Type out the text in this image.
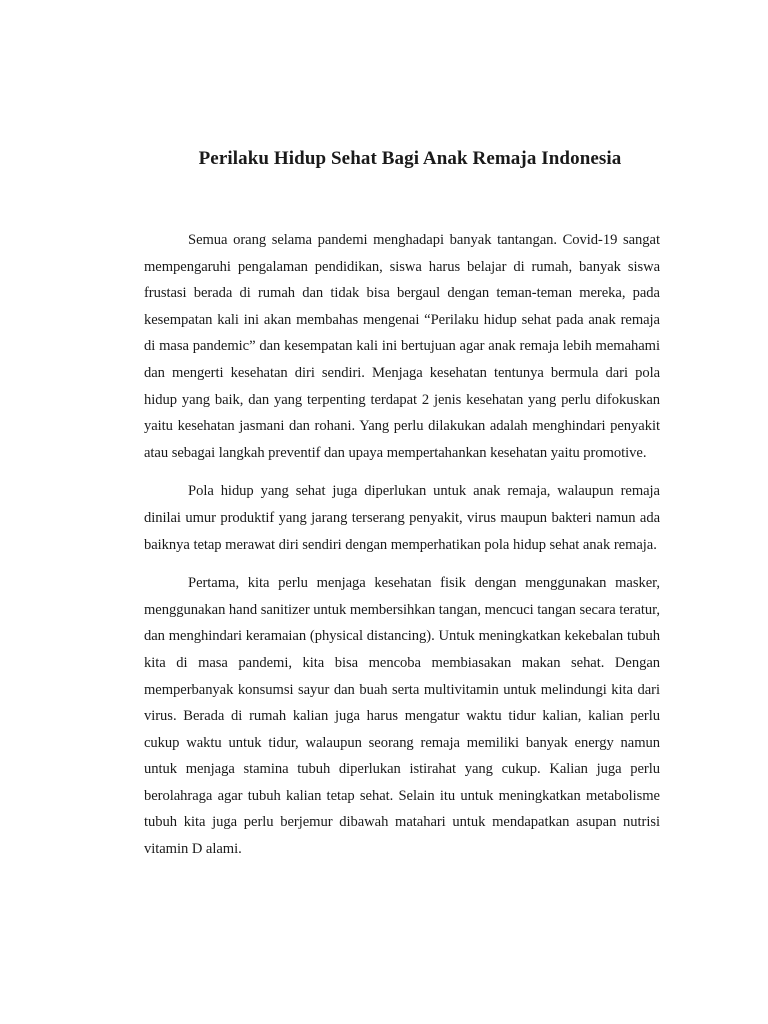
Perilaku Hidup Sehat Bagi Anak Remaja Indonesia

Semua orang selama pandemi menghadapi banyak tantangan. Covid-19 sangat mempengaruhi pengalaman pendidikan, siswa harus belajar di rumah, banyak siswa frustasi berada di rumah dan tidak bisa bergaul dengan teman-teman mereka, pada kesempatan kali ini akan membahas mengenai “Perilaku hidup sehat pada anak remaja di masa pandemic” dan kesempatan kali ini bertujuan agar anak remaja lebih memahami dan mengerti kesehatan diri sendiri. Menjaga kesehatan tentunya bermula dari pola hidup yang baik, dan yang terpenting terdapat 2 jenis kesehatan yang perlu difokuskan yaitu kesehatan jasmani dan rohani. Yang perlu dilakukan adalah menghindari penyakit atau sebagai langkah preventif dan upaya mempertahankan kesehatan yaitu promotive.

Pola hidup yang sehat juga diperlukan untuk anak remaja, walaupun remaja dinilai umur produktif yang jarang terserang penyakit, virus maupun bakteri namun ada baiknya tetap merawat diri sendiri dengan memperhatikan pola hidup sehat anak remaja.

Pertama, kita perlu menjaga kesehatan fisik dengan menggunakan masker, menggunakan hand sanitizer untuk membersihkan tangan, mencuci tangan secara teratur, dan menghindari keramaian (physical distancing). Untuk meningkatkan kekebalan tubuh kita di masa pandemi, kita bisa mencoba membiasakan makan sehat. Dengan memperbanyak konsumsi sayur dan buah serta multivitamin untuk melindungi kita dari virus. Berada di rumah kalian juga harus mengatur waktu tidur kalian, kalian perlu cukup waktu untuk tidur, walaupun seorang remaja memiliki banyak energy namun untuk menjaga stamina tubuh diperlukan istirahat yang cukup. Kalian juga perlu berolahraga agar tubuh kalian tetap sehat. Selain itu untuk meningkatkan metabolisme tubuh kita juga perlu berjemur dibawah matahari untuk mendapatkan asupan nutrisi vitamin D alami.
